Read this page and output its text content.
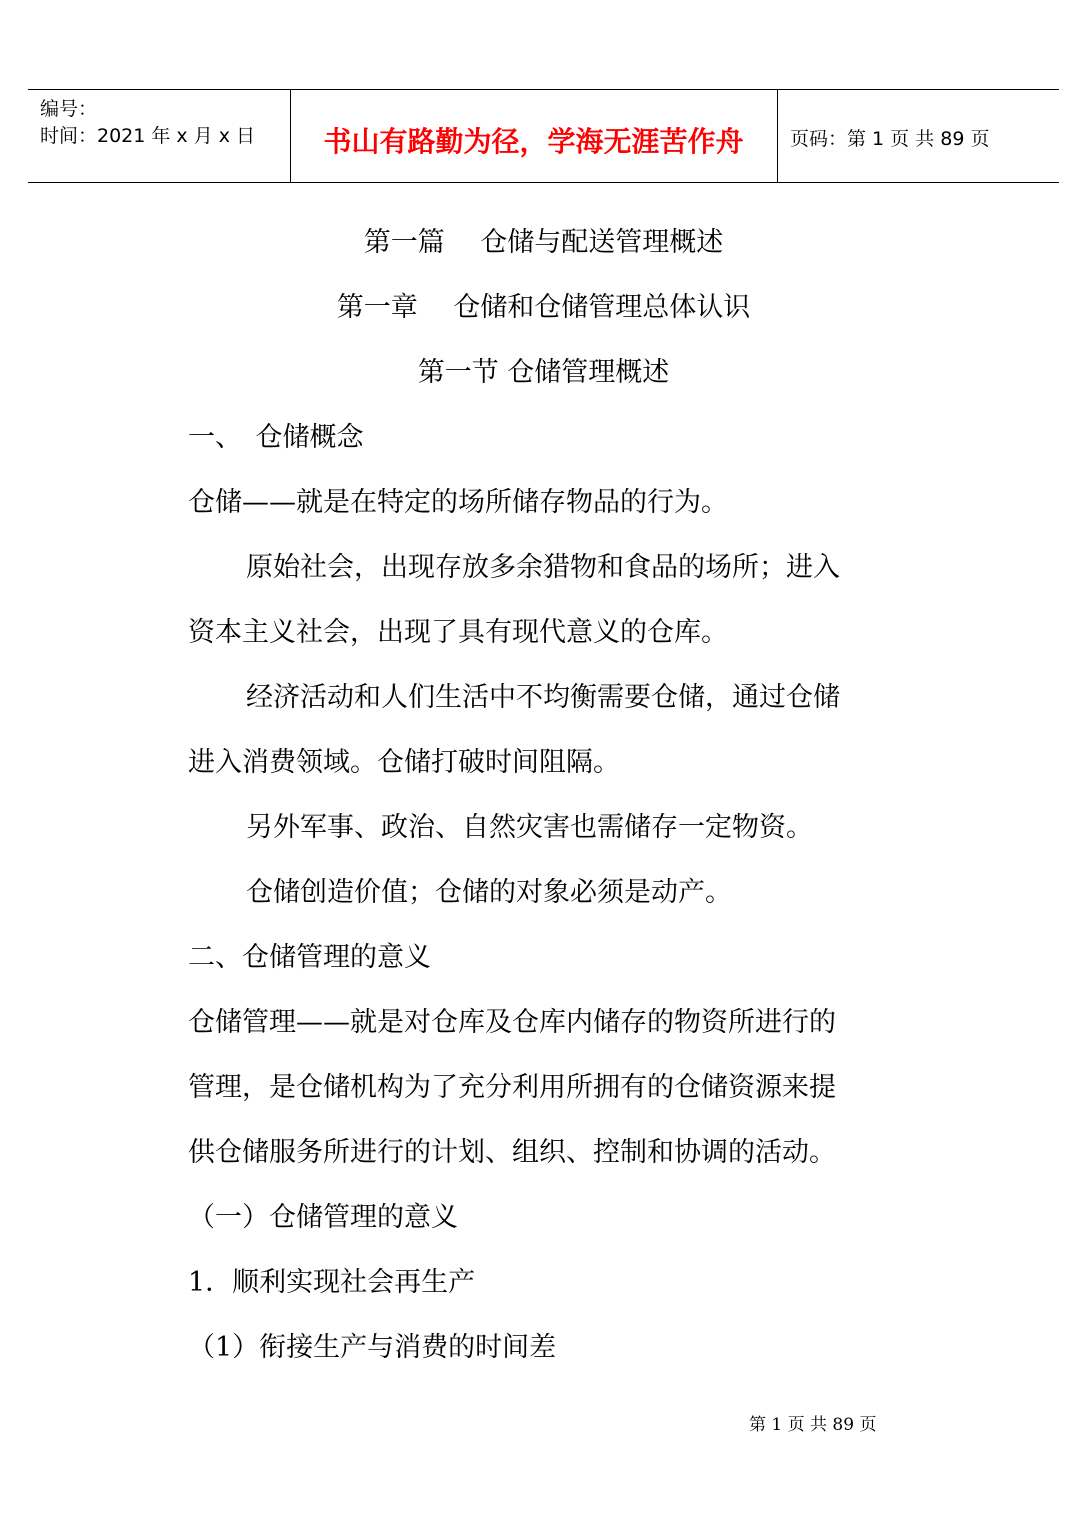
编号：
时间：2021 年 x 月 x 日	书山有路勤为径，学海无涯苦作舟	页码：第 1 页 共 89 页
第一篇　 仓储与配送管理概述
第一章　 仓储和仓储管理总体认识
第一节 仓储管理概述
一、　仓储概念
仓储——就是在特定的场所储存物品的行为。
原始社会，出现存放多余猎物和食品的场所；进入
资本主义社会，出现了具有现代意义的仓库。
经济活动和人们生活中不均衡需要仓储，通过仓储
进入消费领域。仓储打破时间阻隔。
另外军事、政治、自然灾害也需储存一定物资。
仓储创造价值；仓储的对象必须是动产。
二、仓储管理的意义
仓储管理——就是对仓库及仓库内储存的物资所进行的
管理，是仓储机构为了充分利用所拥有的仓储资源来提
供仓储服务所进行的计划、组织、控制和协调的活动。
（一）仓储管理的意义
1．顺利实现社会再生产
（1）衔接生产与消费的时间差
第 1 页 共 89 页
